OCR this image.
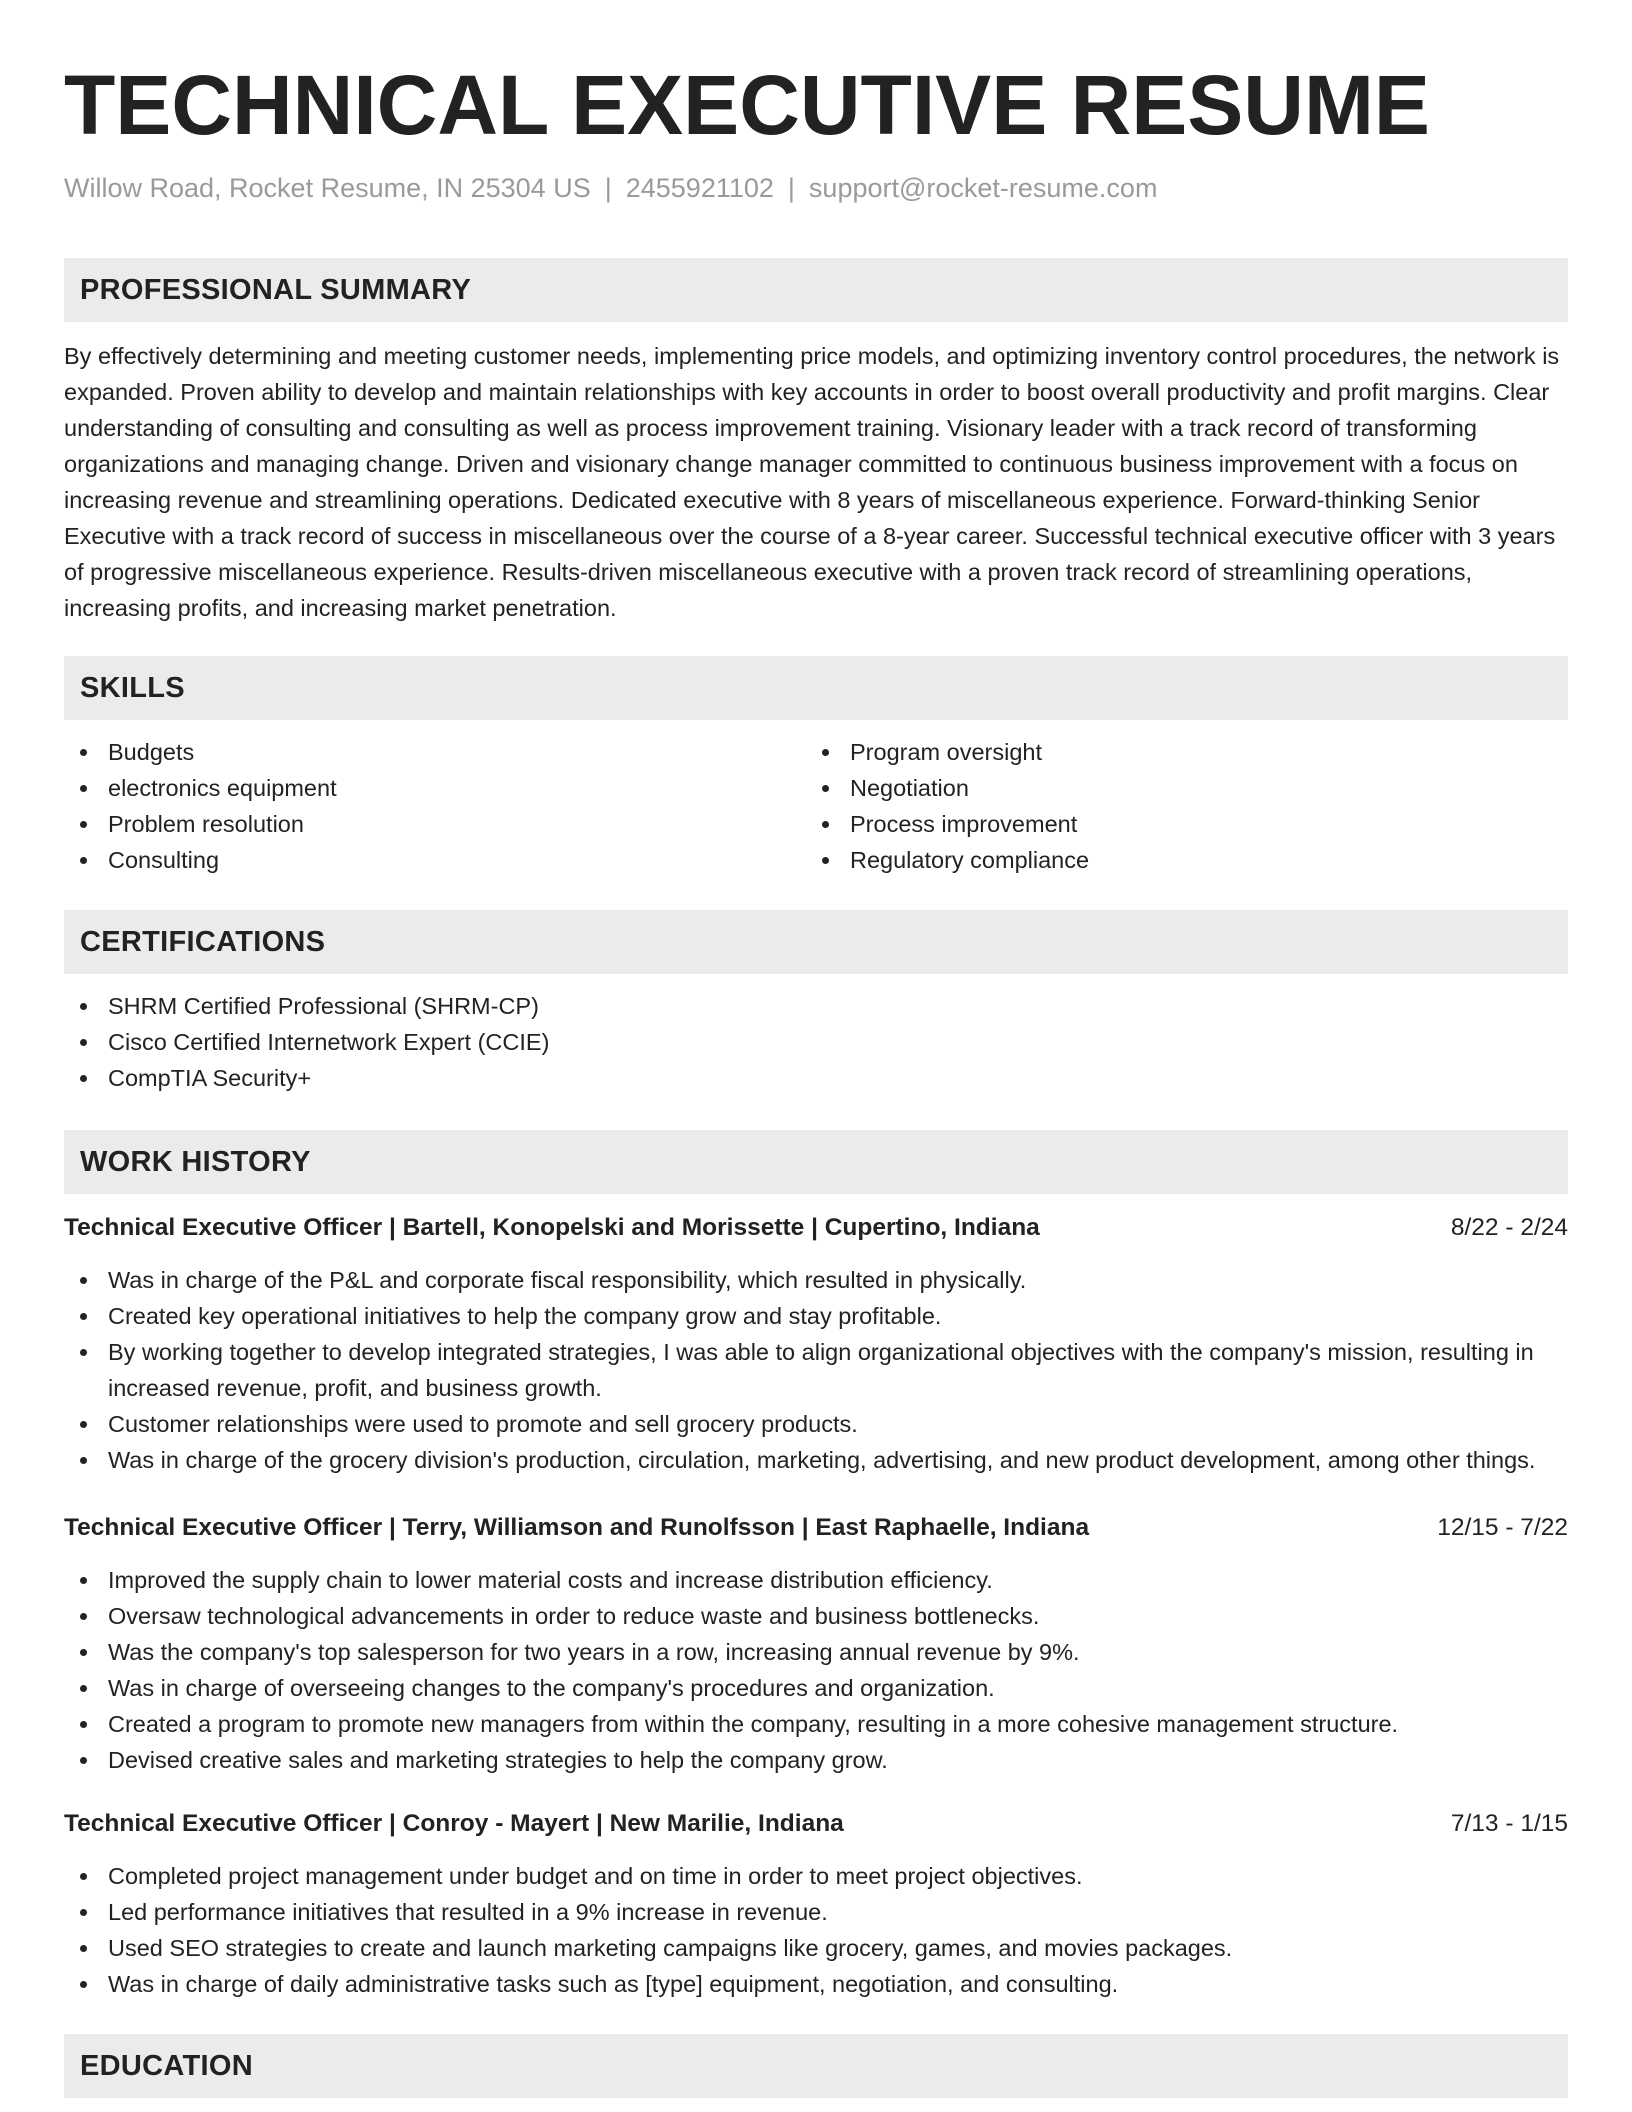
TECHNICAL EXECUTIVE RESUME
Willow Road, Rocket Resume, IN 25304 US | 2455921102 | support@rocket-resume.com
PROFESSIONAL SUMMARY

By effectively determining and meeting customer needs, implementing price models, and optimizing inventory control procedures, the network is expanded. Proven ability to develop and maintain relationships with key accounts in order to boost overall productivity and profit margins. Clear understanding of consulting and consulting as well as process improvement training. Visionary leader with a track record of transforming organizations and managing change. Driven and visionary change manager committed to continuous business improvement with a focus on increasing revenue and streamlining operations. Dedicated executive with 8 years of miscellaneous experience. Forward-thinking Senior Executive with a track record of success in miscellaneous over the course of a 8-year career. Successful technical executive officer with 3 years of progressive miscellaneous experience. Results-driven miscellaneous executive with a proven track record of streamlining operations, increasing profits, and increasing market penetration.

SKILLS
Budgets
electronics equipment
Problem resolution
Consulting
Program oversight
Negotiation
Process improvement
Regulatory compliance
CERTIFICATIONS
SHRM Certified Professional (SHRM-CP)
Cisco Certified Internetwork Expert (CCIE)
CompTIA Security+
WORK HISTORY
Technical Executive Officer | Bartell, Konopelski and Morissette | Cupertino, Indiana	8/22 - 2/24
Was in charge of the P&L and corporate fiscal responsibility, which resulted in physically.
Created key operational initiatives to help the company grow and stay profitable.
By working together to develop integrated strategies, I was able to align organizational objectives with the company's mission, resulting in increased revenue, profit, and business growth.
Customer relationships were used to promote and sell grocery products.
Was in charge of the grocery division's production, circulation, marketing, advertising, and new product development, among other things.
Technical Executive Officer | Terry, Williamson and Runolfsson | East Raphaelle, Indiana	12/15 - 7/22
Improved the supply chain to lower material costs and increase distribution efficiency.
Oversaw technological advancements in order to reduce waste and business bottlenecks.
Was the company's top salesperson for two years in a row, increasing annual revenue by 9%.
Was in charge of overseeing changes to the company's procedures and organization.
Created a program to promote new managers from within the company, resulting in a more cohesive management structure.
Devised creative sales and marketing strategies to help the company grow.
Technical Executive Officer | Conroy - Mayert | New Marilie, Indiana	7/13 - 1/15
Completed project management under budget and on time in order to meet project objectives.
Led performance initiatives that resulted in a 9% increase in revenue.
Used SEO strategies to create and launch marketing campaigns like grocery, games, and movies packages.
Was in charge of daily administrative tasks such as [type] equipment, negotiation, and consulting.
EDUCATION
